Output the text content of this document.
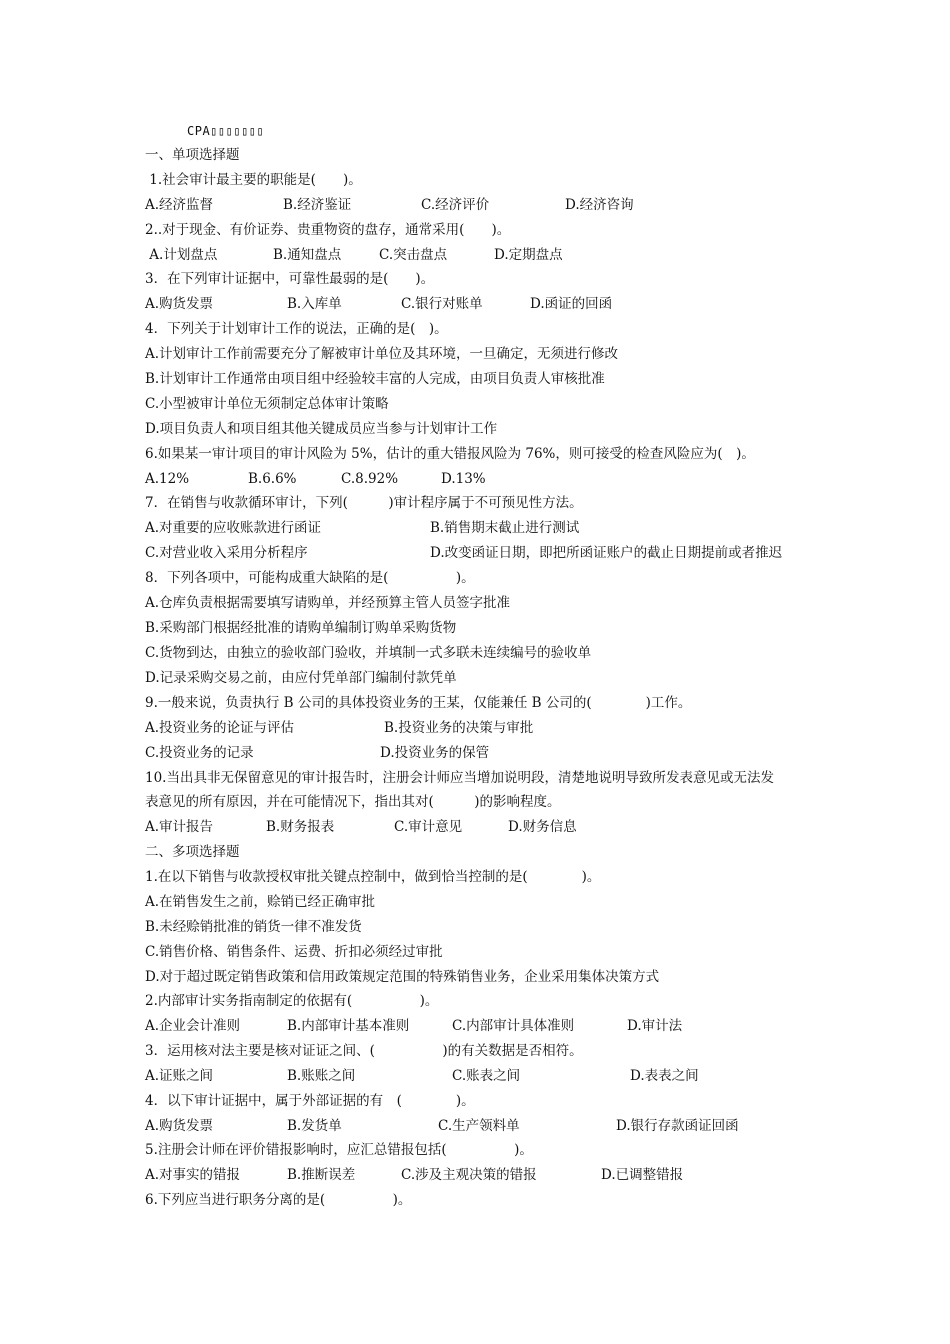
CPA▯▯▯▯▯▯▯
一、单项选择题
1.社会审计最主要的职能是(　　)。
A.经济监督	B.经济鉴证	C.经济评价	D.经济咨询
2..对于现金、有价证券、贵重物资的盘存，通常采用(　　)。
A.计划盘点	B.通知盘点	C.突击盘点	D.定期盘点
3．在下列审计证据中，可靠性最弱的是(　　)。
A.购货发票	B.入库单	C.银行对账单	D.函证的回函
4．下列关于计划审计工作的说法，正确的是(　)。
A.计划审计工作前需要充分了解被审计单位及其环境，一旦确定，无须进行修改
B.计划审计工作通常由项目组中经验较丰富的人完成，由项目负责人审核批准
C.小型被审计单位无须制定总体审计策略
D.项目负责人和项目组其他关键成员应当参与计划审计工作
6.如果某一审计项目的审计风险为 5%，估计的重大错报风险为 76%，则可接受的检查风险应为(　)。
A.12%	B.6.6%	C.8.92%	D.13%
7．在销售与收款循环审计，下列(　　　)审计程序属于不可预见性方法。
A.对重要的应收账款进行函证	B.销售期末截止进行测试
C.对营业收入采用分析程序	D.改变函证日期，即把所函证账户的截止日期提前或者推迟
8．下列各项中，可能构成重大缺陷的是(　　　　　)。
A.仓库负责根据需要填写请购单，并经预算主管人员签字批准
B.采购部门根据经批准的请购单编制订购单采购货物
C.货物到达，由独立的验收部门验收，并填制一式多联未连续编号的验收单
D.记录采购交易之前，由应付凭单部门编制付款凭单
9.一般来说，负责执行 B 公司的具体投资业务的王某，仅能兼任 B 公司的(　　　　)工作。
A.投资业务的论证与评估	B.投资业务的决策与审批
C.投资业务的记录	D.投资业务的保管
10.当出具非无保留意见的审计报告时，注册会计师应当增加说明段，清楚地说明导致所发表意见或无法发
表意见的所有原因，并在可能情况下，指出其对(　　　)的影响程度。
A.审计报告	B.财务报表	C.审计意见	D.财务信息
二、多项选择题
1.在以下销售与收款授权审批关键点控制中，做到恰当控制的是(　　　　)。
A.在销售发生之前，赊销已经正确审批
B.未经赊销批准的销货一律不准发货
C.销售价格、销售条件、运费、折扣必须经过审批
D.对于超过既定销售政策和信用政策规定范围的特殊销售业务，企业采用集体决策方式
2.内部审计实务指南制定的依据有(　　　　　)。
A.企业会计准则	B.内部审计基本准则	C.内部审计具体准则	D.审计法
3．运用核对法主要是核对证证之间、(　　　　　)的有关数据是否相符。
A.证账之间	B.账账之间	C.账表之间	D.表表之间
4．以下审计证据中，属于外部证据的有　(　　　　)。
A.购货发票	B.发货单	C.生产领料单	D.银行存款函证回函
5.注册会计师在评价错报影响时，应汇总错报包括(　　　　　)。
A.对事实的错报	B.推断误差	C.涉及主观决策的错报	D.已调整错报
6.下列应当进行职务分离的是(　　　　　)。
